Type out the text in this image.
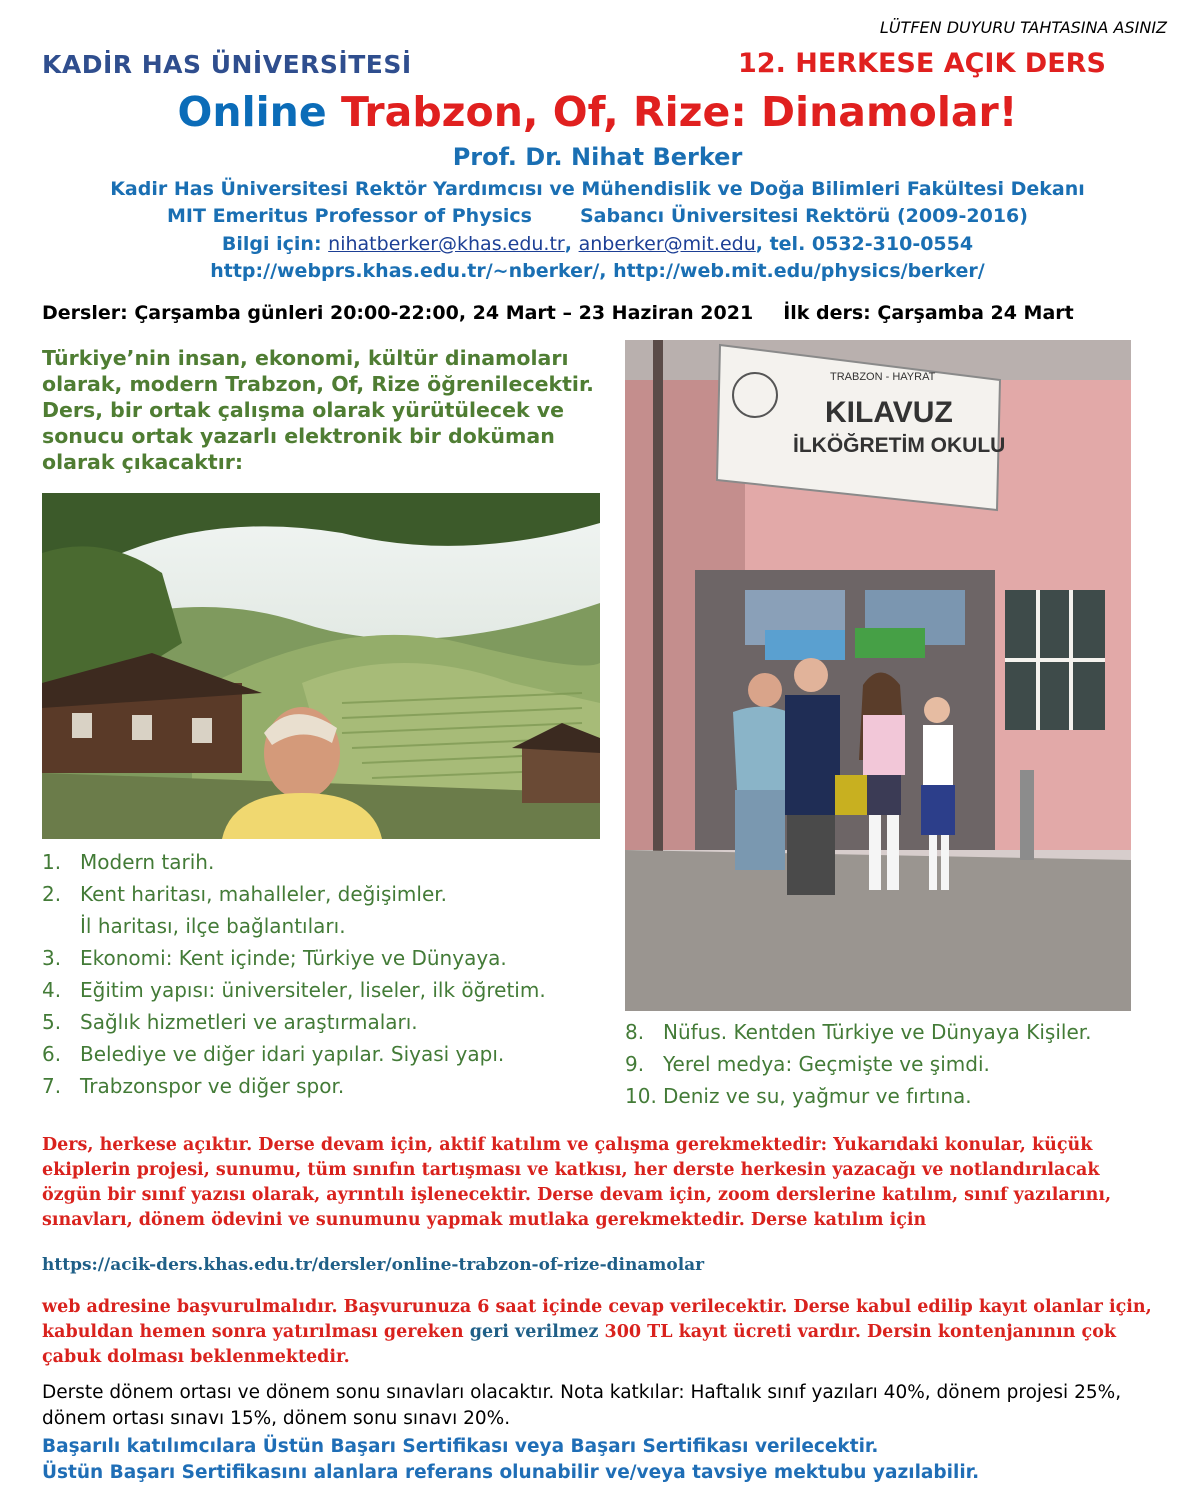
LÜTFEN DUYURU TAHTASINA ASINIZ
KADİR HAS ÜNİVERSİTESİ	12. HERKESE AÇIK DERS
Online Trabzon, Of, Rize: Dinamolar!
Prof. Dr. Nihat Berker
Kadir Has Üniversitesi Rektör Yardımcısı ve Mühendislik ve Doğa Bilimleri Fakültesi Dekanı
MIT Emeritus Professor of Physics	Sabancı Üniversitesi Rektörü (2009-2016)
Bilgi için: nihatberker@khas.edu.tr, anberker@mit.edu, tel. 0532-310-0554
http://webprs.khas.edu.tr/~nberker/, http://web.mit.edu/physics/berker/
Dersler: Çarşamba günleri 20:00-22:00, 24 Mart – 23 Haziran 2021 İlk ders: Çarşamba 24 Mart
Türkiye’nin insan, ekonomi, kültür dinamoları olarak, modern Trabzon, Of, Rize öğrenilecektir. Ders, bir ortak çalışma olarak yürütülecek ve sonucu ortak yazarlı elektronik bir doküman olarak çıkacaktır:
TRABZON - HAYRAT
KILAVUZ
İLKÖĞRETİM OKULU
1. Modern tarih.
2. Kent haritası, mahalleler, değişimler.
İl haritası, ilçe bağlantıları.
3. Ekonomi: Kent içinde; Türkiye ve Dünyaya.
4. Eğitim yapısı: üniversiteler, liseler, ilk öğretim.
5. Sağlık hizmetleri ve araştırmaları.
6. Belediye ve diğer idari yapılar. Siyasi yapı.
7. Trabzonspor ve diğer spor.
8. Nüfus. Kentden Türkiye ve Dünyaya Kişiler.
9. Yerel medya: Geçmişte ve şimdi.
10. Deniz ve su, yağmur ve fırtına.
Ders, herkese açıktır. Derse devam için, aktif katılım ve çalışma gerekmektedir: Yukarıdaki konular, küçük ekiplerin projesi, sunumu, tüm sınıfın tartışması ve katkısı, her derste herkesin yazacağı ve notlandırılacak özgün bir sınıf yazısı olarak, ayrıntılı işlenecektir. Derse devam için, zoom derslerine katılım, sınıf yazılarını, sınavları, dönem ödevini ve sunumunu yapmak mutlaka gerekmektedir. Derse katılım için
https://acik-ders.khas.edu.tr/dersler/online-trabzon-of-rize-dinamolar
web adresine başvurulmalıdır. Başvurunuza 6 saat içinde cevap verilecektir. Derse kabul edilip kayıt olanlar için, kabuldan hemen sonra yatırılması gereken geri verilmez 300 TL kayıt ücreti vardır. Dersin kontenjanının çok çabuk dolması beklenmektedir.
Derste dönem ortası ve dönem sonu sınavları olacaktır. Nota katkılar: Haftalık sınıf yazıları 40%, dönem projesi 25%, dönem ortası sınavı 15%, dönem sonu sınavı 20%.
Başarılı katılımcılara Üstün Başarı Sertifikası veya Başarı Sertifikası verilecektir.
Üstün Başarı Sertifikasını alanlara referans olunabilir ve/veya tavsiye mektubu yazılabilir.
